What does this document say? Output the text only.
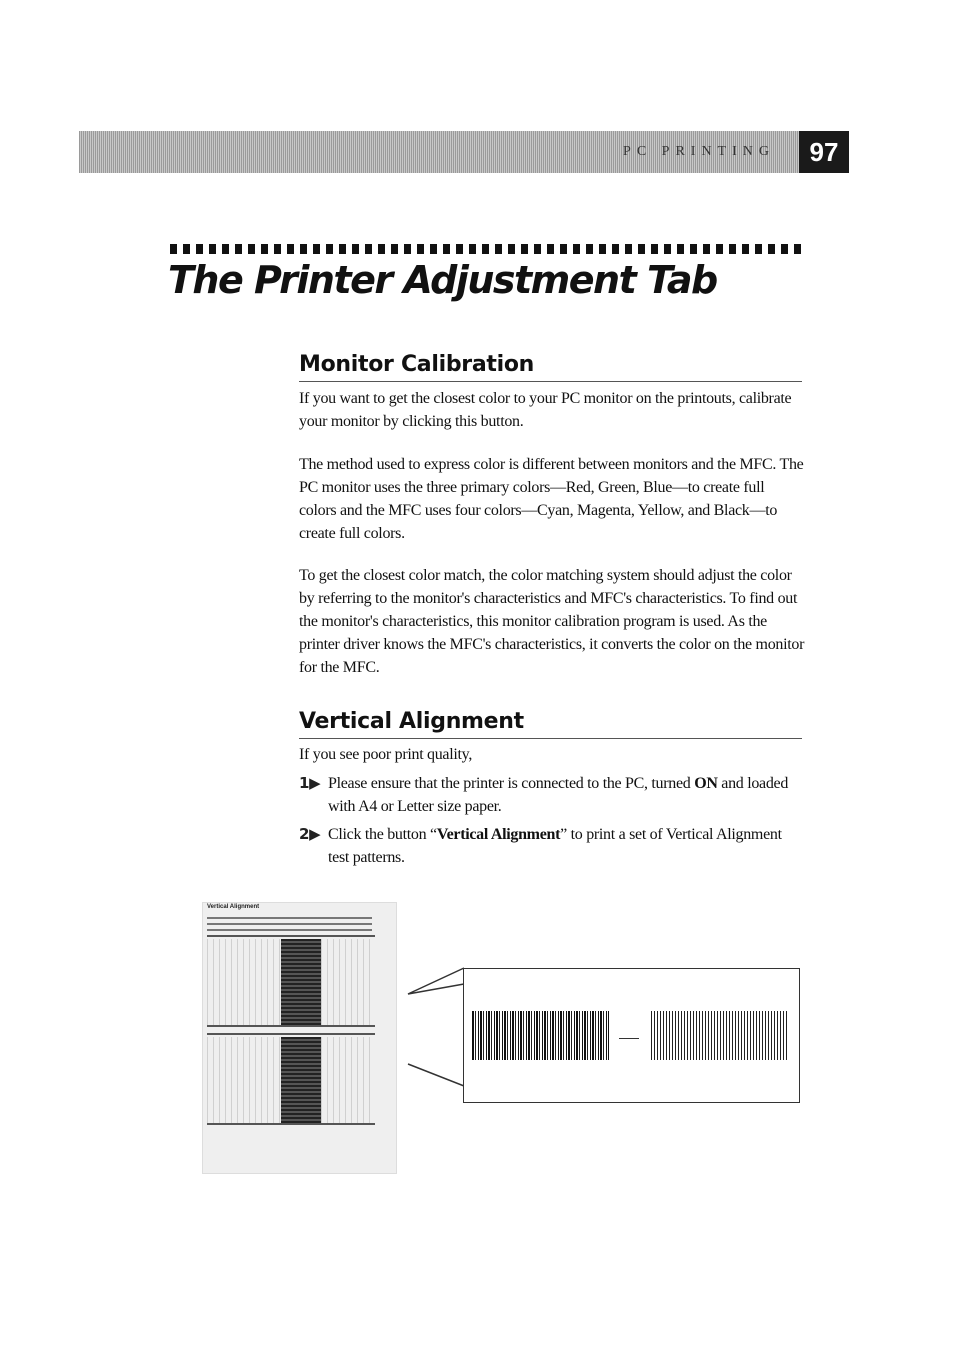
PC PRINTING	97
The Printer Adjustment Tab
Monitor Calibration

If you want to get the closest color to your PC monitor on the printouts, calibrate your monitor by clicking this button.

The method used to express color is different between monitors and the MFC. The PC monitor uses the three primary colors—Red, Green, Blue—to create full colors and the MFC uses four colors—Cyan, Magenta, Yellow, and Black—to create full colors.

To get the closest color match, the color matching system should adjust the color by referring to the monitor's characteristics and MFC's characteristics. To find out the monitor's characteristics, this monitor calibration program is used. As the printer driver knows the MFC's characteristics, it converts the color on the monitor for the MFC.

Vertical Alignment

If you see poor print quality,

1▶ Please ensure that the printer is connected to the PC, turned ON and loaded with A4 or Letter size paper.
2▶ Click the button “Vertical Alignment” to print a set of Vertical Alignment test patterns.
Vertical Alignment
